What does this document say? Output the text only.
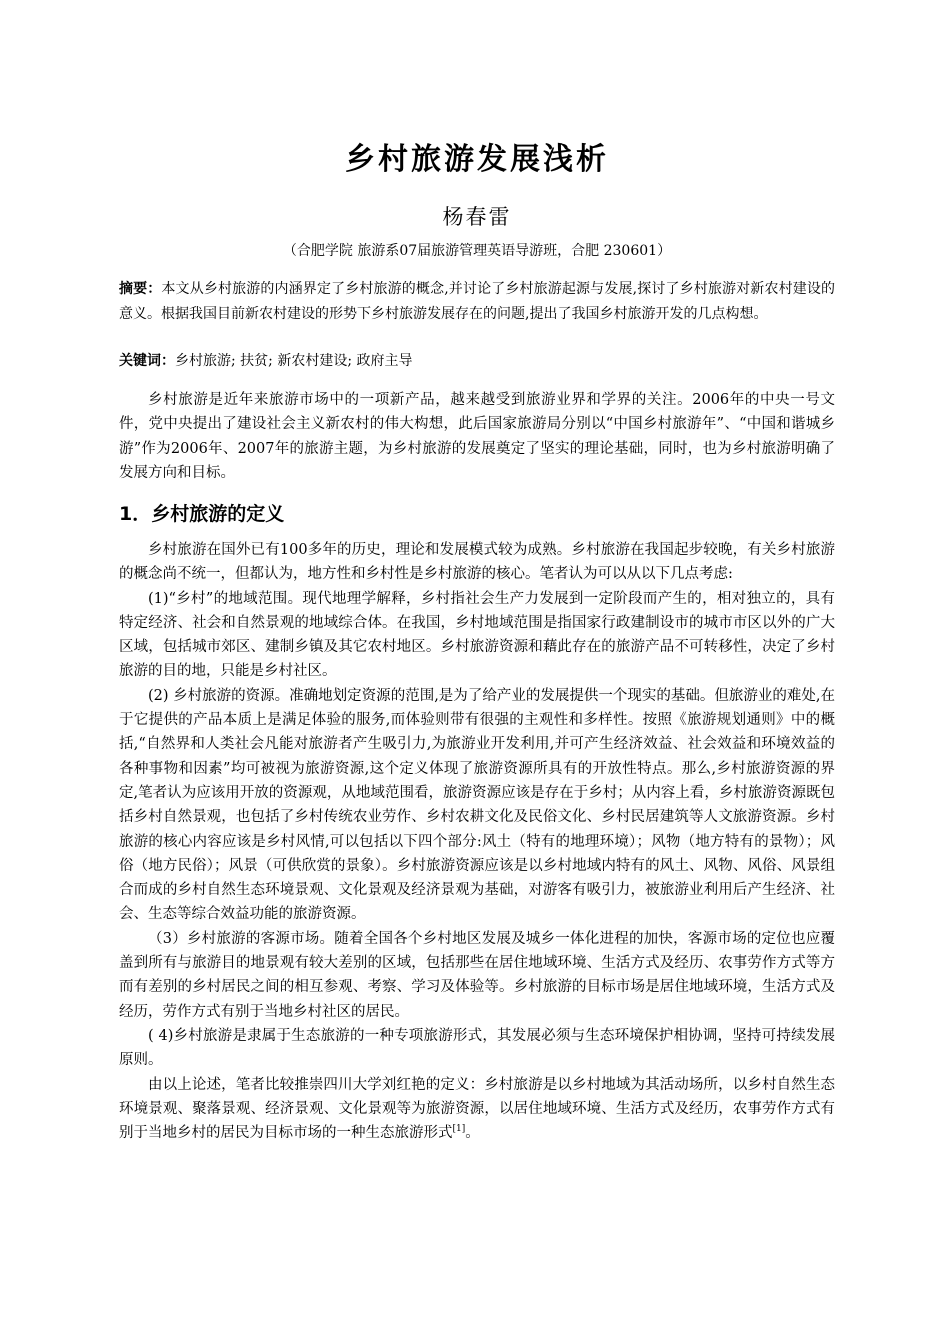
乡村旅游发展浅析
杨春雷
（合肥学院 旅游系07届旅游管理英语导游班，合肥 230601）
摘要：本文从乡村旅游的内涵界定了乡村旅游的概念,并讨论了乡村旅游起源与发展,探讨了乡村旅游对新农村建设的意义。根据我国目前新农村建设的形势下乡村旅游发展存在的问题,提出了我国乡村旅游开发的几点构想。
关键词：乡村旅游; 扶贫; 新农村建设; 政府主导

乡村旅游是近年来旅游市场中的一项新产品，越来越受到旅游业界和学界的关注。2006年的中央一号文件，党中央提出了建设社会主义新农村的伟大构想，此后国家旅游局分别以“中国乡村旅游年”、“中国和谐城乡游”作为2006年、2007年的旅游主题，为乡村旅游的发展奠定了坚实的理论基础，同时，也为乡村旅游明确了发展方向和目标。

1．乡村旅游的定义

乡村旅游在国外已有100多年的历史，理论和发展模式较为成熟。乡村旅游在我国起步较晚，有关乡村旅游的概念尚不统一，但都认为，地方性和乡村性是乡村旅游的核心。笔者认为可以从以下几点考虑:

(1)“乡村”的地域范围。现代地理学解释，乡村指社会生产力发展到一定阶段而产生的，相对独立的，具有特定经济、社会和自然景观的地域综合体。在我国，乡村地域范围是指国家行政建制设市的城市市区以外的广大区域，包括城市郊区、建制乡镇及其它农村地区。乡村旅游资源和藉此存在的旅游产品不可转移性，决定了乡村旅游的目的地，只能是乡村社区。

(2) 乡村旅游的资源。准确地划定资源的范围,是为了给产业的发展提供一个现实的基础。但旅游业的难处,在于它提供的产品本质上是满足体验的服务,而体验则带有很强的主观性和多样性。按照《旅游规划通则》中的概括,“自然界和人类社会凡能对旅游者产生吸引力,为旅游业开发利用,并可产生经济效益、社会效益和环境效益的各种事物和因素”均可被视为旅游资源,这个定义体现了旅游资源所具有的开放性特点。那么,乡村旅游资源的界定,笔者认为应该用开放的资源观，从地域范围看，旅游资源应该是存在于乡村；从内容上看，乡村旅游资源既包括乡村自然景观，也包括了乡村传统农业劳作、乡村农耕文化及民俗文化、乡村民居建筑等人文旅游资源。乡村旅游的核心内容应该是乡村风情,可以包括以下四个部分:风土（特有的地理环境）；风物（地方特有的景物）；风俗（地方民俗）；风景（可供欣赏的景象）。乡村旅游资源应该是以乡村地域内特有的风土、风物、风俗、风景组合而成的乡村自然生态环境景观、文化景观及经济景观为基础，对游客有吸引力，被旅游业利用后产生经济、社会、生态等综合效益功能的旅游资源。

（3）乡村旅游的客源市场。随着全国各个乡村地区发展及城乡一体化进程的加快，客源市场的定位也应覆盖到所有与旅游目的地景观有较大差别的区域，包括那些在居住地域环境、生活方式及经历、农事劳作方式等方而有差别的乡村居民之间的相互参观、考察、学习及体验等。乡村旅游的目标市场是居住地域环境，生活方式及经历，劳作方式有别于当地乡村社区的居民。

( 4)乡村旅游是隶属于生态旅游的一种专项旅游形式，其发展必须与生态环境保护相协调，坚持可持续发展原则。

由以上论述，笔者比较推崇四川大学刘红艳的定义：乡村旅游是以乡村地域为其活动场所，以乡村自然生态环境景观、聚落景观、经济景观、文化景观等为旅游资源，以居住地域环境、生活方式及经历，农事劳作方式有别于当地乡村的居民为目标市场的一种生态旅游形式[1]。
